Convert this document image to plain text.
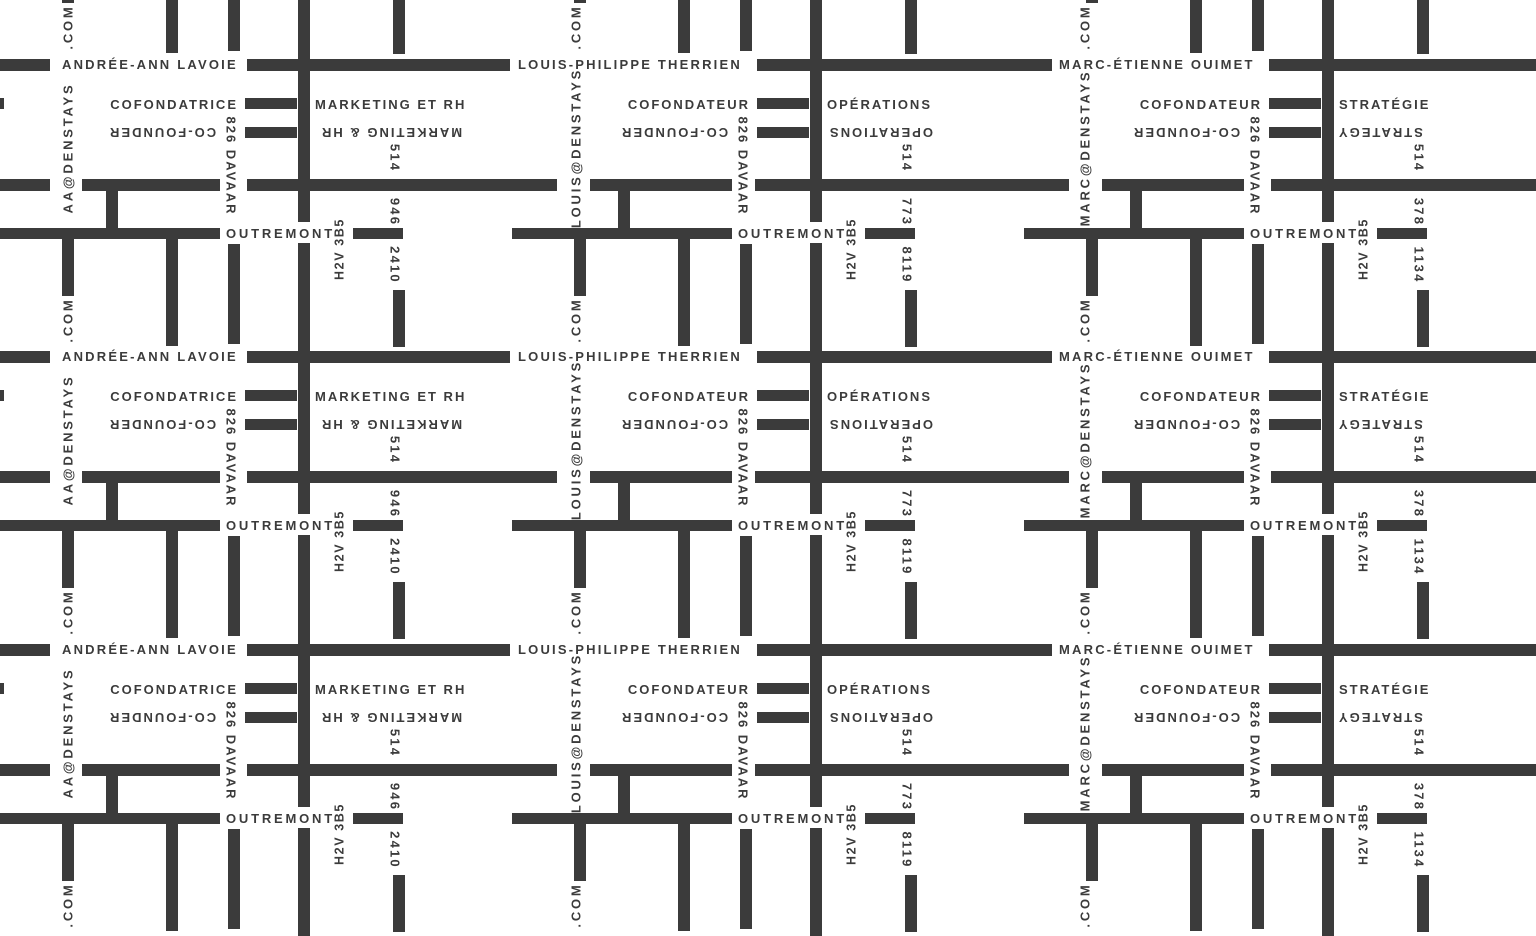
.COM	.COM	.COM
ANDRÉE-ANN LAVOIE
COFONDATRICE
CO-FOUNDER
MARKETING ET RH
MARKETING & HR
AA@DENSTAYS
.COM
826 DAVAAR
OUTREMONT
H2V 3B5
514
946
2410
LOUIS-PHILIPPE THERRIEN
COFONDATEUR
CO-FOUNDER
OPÉRATIONS
OPERATIONS
LOUIS@DENSTAYS
.COM
826 DAVAAR
OUTREMONT
H2V 3B5
514
773
8119
MARC-ÉTIENNE OUIMET
COFONDATEUR
CO-FOUNDER
STRATÉGIE
STRATEGY
MARC@DENSTAYS
.COM
826 DAVAAR
OUTREMONT
H2V 3B5
514
378
1134
ANDRÉE-ANN LAVOIE
COFONDATRICE
CO-FOUNDER
MARKETING ET RH
MARKETING & HR
AA@DENSTAYS
.COM
826 DAVAAR
OUTREMONT
H2V 3B5
514
946
2410
LOUIS-PHILIPPE THERRIEN
COFONDATEUR
CO-FOUNDER
OPÉRATIONS
OPERATIONS
LOUIS@DENSTAYS
.COM
826 DAVAAR
OUTREMONT
H2V 3B5
514
773
8119
MARC-ÉTIENNE OUIMET
COFONDATEUR
CO-FOUNDER
STRATÉGIE
STRATEGY
MARC@DENSTAYS
.COM
826 DAVAAR
OUTREMONT
H2V 3B5
514
378
1134
ANDRÉE-ANN LAVOIE
COFONDATRICE
CO-FOUNDER
MARKETING ET RH
MARKETING & HR
AA@DENSTAYS
.COM
826 DAVAAR
OUTREMONT
H2V 3B5
514
946
2410
LOUIS-PHILIPPE THERRIEN
COFONDATEUR
CO-FOUNDER
OPÉRATIONS
OPERATIONS
LOUIS@DENSTAYS
.COM
826 DAVAAR
OUTREMONT
H2V 3B5
514
773
8119
MARC-ÉTIENNE OUIMET
COFONDATEUR
CO-FOUNDER
STRATÉGIE
STRATEGY
MARC@DENSTAYS
.COM
826 DAVAAR
OUTREMONT
H2V 3B5
514
378
1134
